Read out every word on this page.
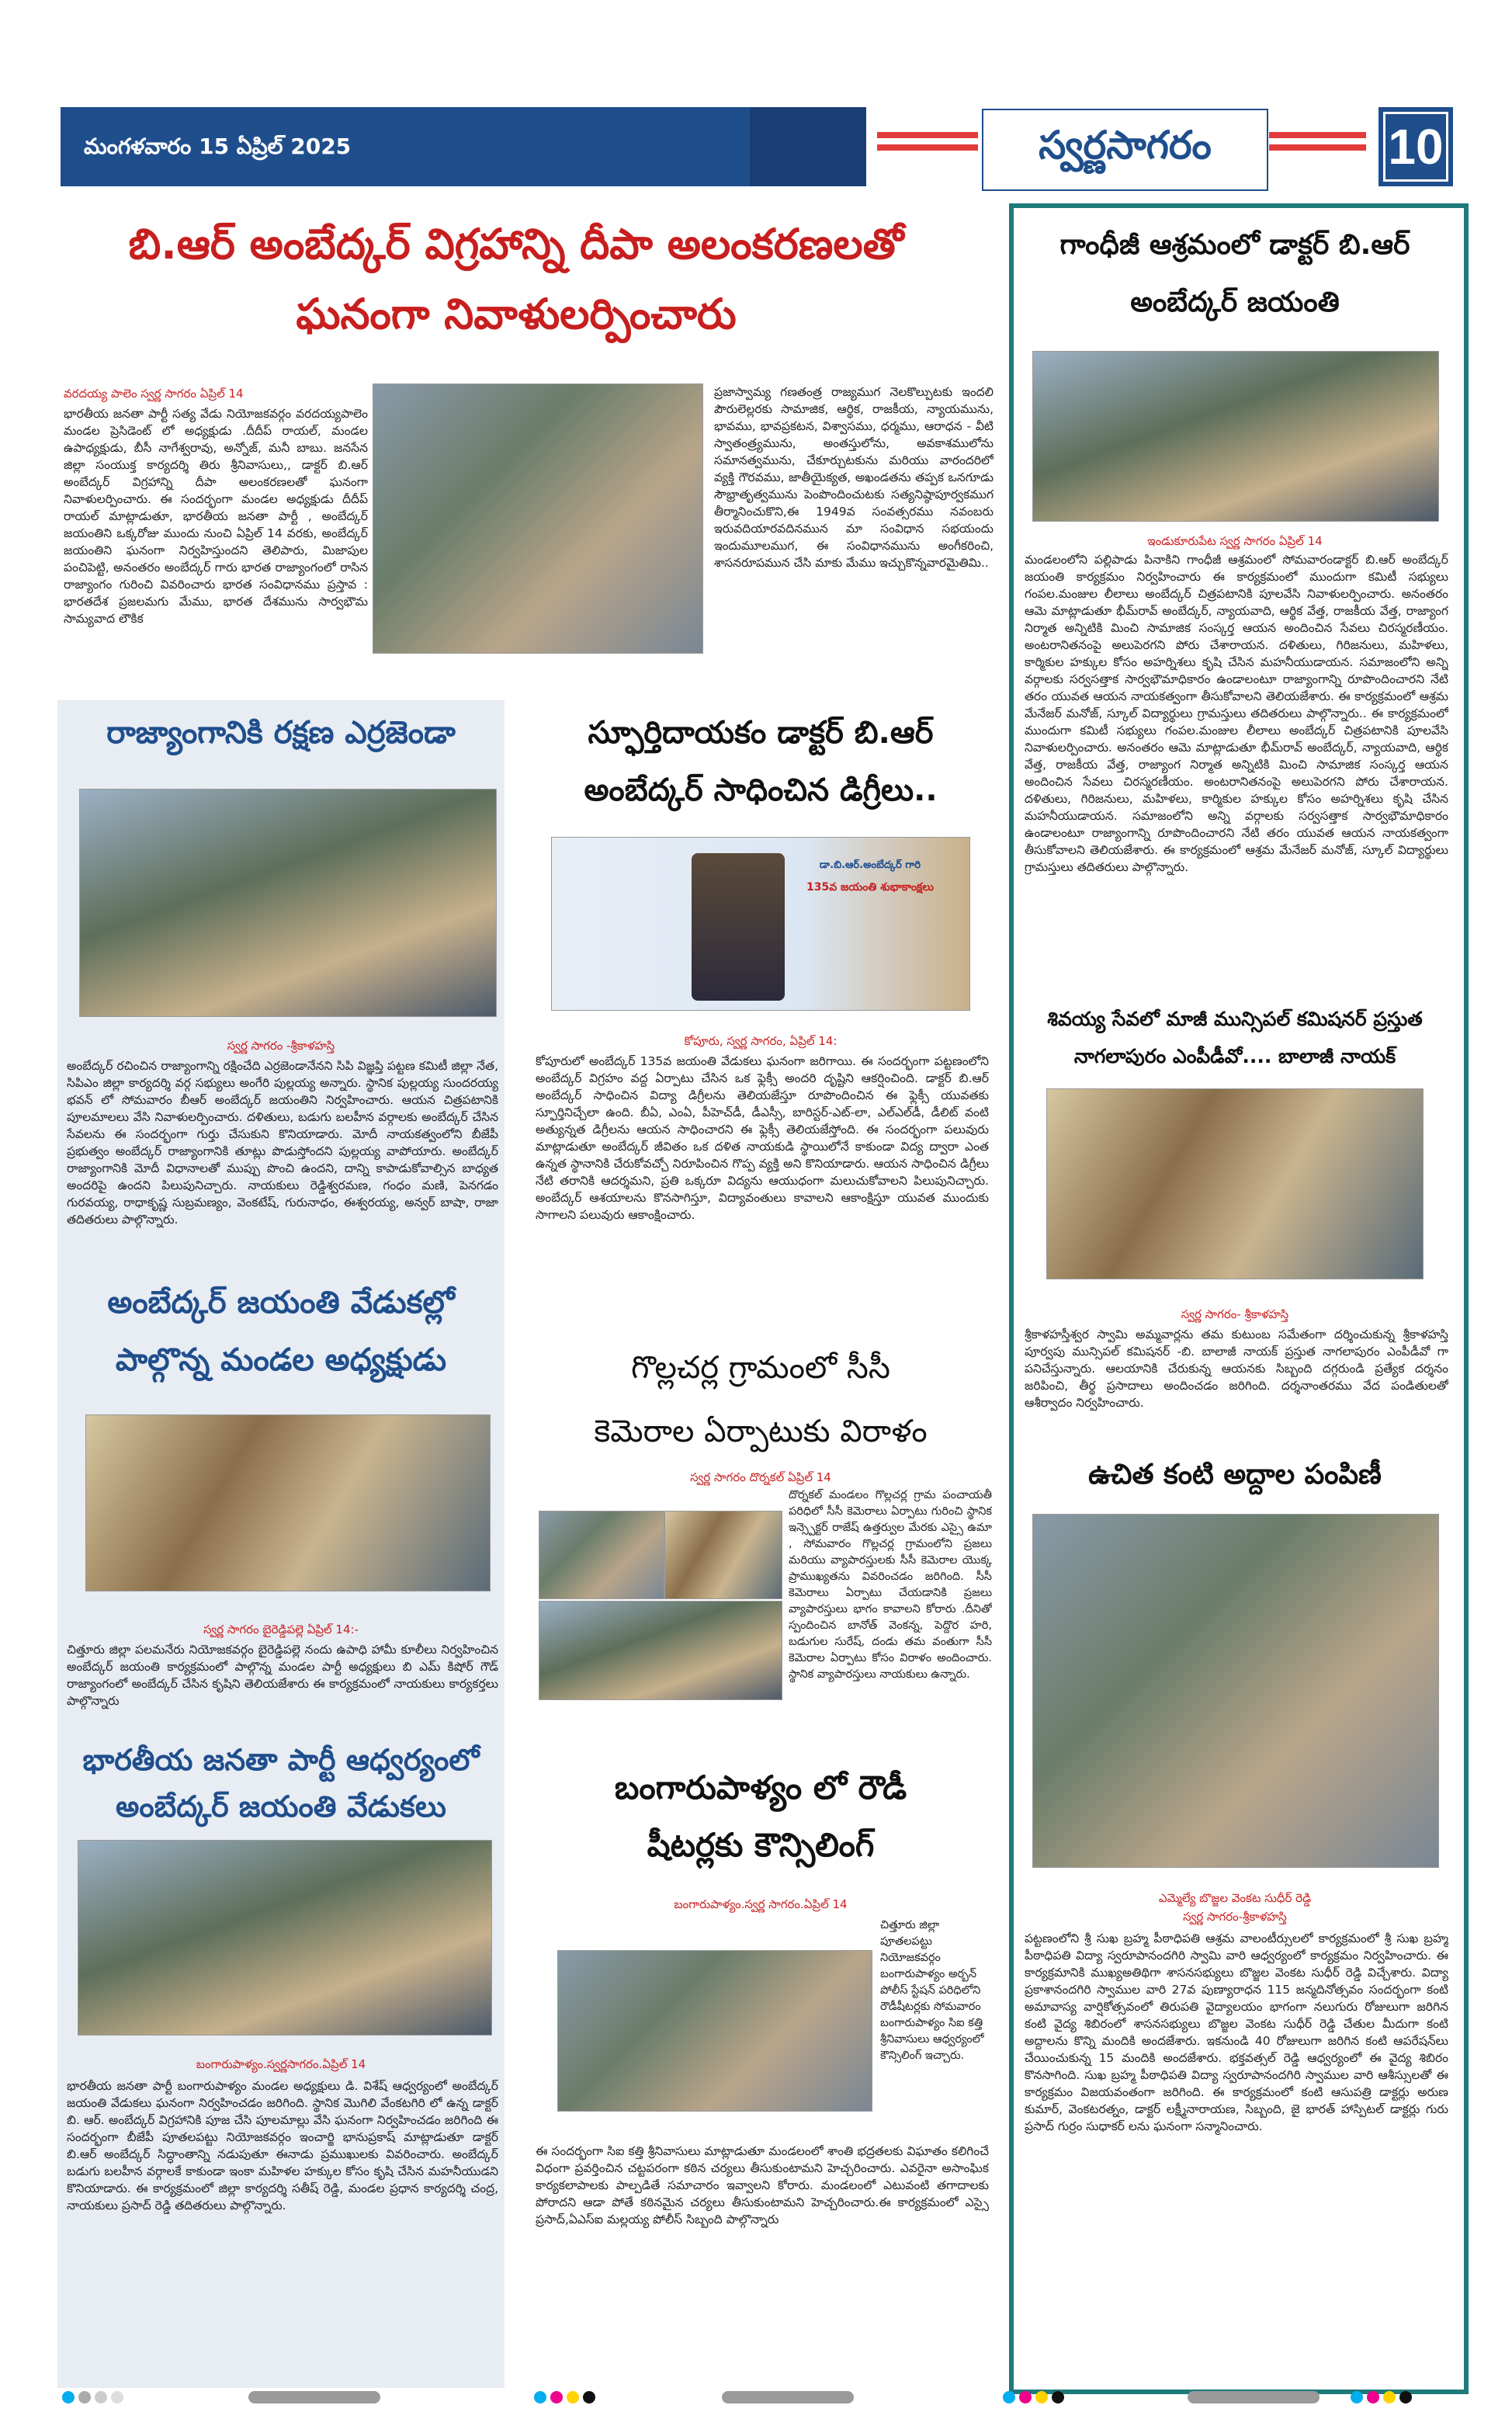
మంగళవారం 15 ఏప్రిల్ 2025	స్వర్ణసాగరం	10
బి.ఆర్ అంబేద్కర్ విగ్రహాన్ని దీపా అలంకరణలతో
ఘనంగా నివాళులర్పించారు
వరదయ్య పాలెం స్వర్ణ సాగరం ఏప్రిల్ 14
భారతీయ జనతా పార్టీ సత్య వేడు నియోజకవర్గం వరదయ్యపాలెం మండల ప్రెసిడెంట్ లో అధ్యక్షుడు .దీదీప్ రాయల్, మండల ఉపాధ్యక్షుడు, బీసీ నాగేశ్వరావు, అన్నోజ్, మనీ బాబు. జనసేన జిల్లా సంయుక్త కార్యదర్శి తిరు శ్రీనివాసులు,, డాక్టర్ బి.ఆర్ అంబేద్కర్ విగ్రహాన్ని దీపా అలంకరణలతో ఘనంగా నివాళులర్పించారు. ఈ సందర్భంగా మండల అధ్యక్షుడు దీదీప్ రాయల్ మాట్లాడుతూ, భారతీయ జనతా పార్టీ , అంబేద్కర్ జయంతిని ఒక్కరోజు ముందు నుంచి ఏప్రిల్ 14 వరకు, అంబేద్కర్ జయంతిని ఘనంగా నిర్వహిస్తుందని తెలిపారు, మిజాపుల పంచిపెట్టి, అనంతరం అంబేద్కర్ గారు భారత రాజ్యాంగంలో రాసిన రాజ్యాంగం గురించి వివరించారు భారత సంవిధానము ప్రస్తావ : భారతదేశ ప్రజలమగు మేము, భారత దేశమును సార్వభౌమ సామ్యవాద లౌకిక
ప్రజాస్వామ్య గణతంత్ర రాజ్యముగ నెలకొల్పుటకు ఇందలి పౌరులెల్లరకు సామాజిక, ఆర్థిక, రాజకీయ, న్యాయమును, భావము, భావప్రకటన, విశ్వాసము, ధర్మము, ఆరాధన - వీటి స్వాతంత్ర్యమును, అంతస్తులోను, అవకాశములోను సమానత్వమును, చేకూర్చుటకును మరియు వారందరిలో వ్యక్తి గౌరవము, జాతీయైక్యత, అఖండతను తప్పక ఒనగూడు సౌభ్రాతృత్వమును పెంపొందించుటకు సత్యనిష్ఠాపూర్వకముగ తీర్మానించుకొని,ఈ 1949వ సంవత్సరము నవంబరు ఇరువదియారవదినమున మా సంవిధాన సభయందు ఇందుమూలముగ, ఈ సంవిధానమును అంగీకరించి, శాసనరూపమున చేసి మాకు మేము ఇచ్చుకొన్నవారమైతిమి..
రాజ్యాంగానికి రక్షణ ఎర్రజెండా
స్వర్ణ సాగరం -శ్రీకాళహస్తి
అంబేద్కర్ రచించిన రాజ్యాంగాన్ని రక్షించేది ఎర్రజెండానేనని సిపి విజ్ఞప్తి పట్టణ కమిటీ జిల్లా నేత, సిపిఎం జిల్లా కార్యదర్శి వర్గ సభ్యులు అంగేరి పుల్లయ్య అన్నారు. స్థానిక పుల్లయ్య సుందరయ్య భవన్ లో సోమవారం బీఆర్ అంబేద్కర్ జయంతిని నిర్వహించారు. ఆయన చిత్రపటానికి పూలమాలలు వేసి నివాళులర్పించారు. దళితులు, బడుగు బలహీన వర్గాలకు అంబేద్కర్ చేసిన సేవలను ఈ సందర్భంగా గుర్తు చేసుకుని కొనియాడారు. మోదీ నాయకత్వంలోని బీజేపీ ప్రభుత్వం అంబేద్కర్ రాజ్యాంగానికి తూట్లు పొడుస్తోందని పుల్లయ్య వాపోయారు. అంబేద్కర్ రాజ్యాంగానికి మోదీ విధానాలతో ముప్పు పొంచి ఉందని, దాన్ని కాపాడుకోవాల్సిన బాధ్యత అందరిపై ఉందని పిలుపునిచ్చారు. నాయకులు రెడ్డిశ్వరమణ, గంధం మణి, పెనగడం గురవయ్య, రాధాకృష్ణ సుబ్రమణ్యం, వెంకటేష్, గురునాధం, ఈశ్వరయ్య, అన్వర్ బాషా, రాజా తదితరులు పాల్గొన్నారు.
అంబేద్కర్ జయంతి వేడుకల్లో
పాల్గొన్న మండల అధ్యక్షుడు
స్వర్ణ సాగరం బైరెడ్డిపల్లె ఏప్రిల్ 14:-
చిత్తూరు జిల్లా పలమనేరు నియోజకవర్గం బైరెడ్డిపల్లె నందు ఉపాధి హామీ కూలీలు నిర్వహించిన అంబేద్కర్ జయంతి కార్యక్రమంలో పాల్గొన్న మండల పార్టీ అధ్యక్షులు బి ఎమ్ కిషోర్ గౌడ్ రాజ్యాంగంలో అంబేద్కర్ చేసిన కృషిని తెలియజేశారు ఈ కార్యక్రమంలో నాయకులు కార్యకర్తలు పాల్గొన్నారు
భారతీయ జనతా పార్టీ ఆధ్వర్యంలో
అంబేద్కర్ జయంతి వేడుకలు
బంగారుపాళ్యం.స్వర్ణసాగరం.ఏప్రిల్ 14
భారతీయ జనతా పార్టీ బంగారుపాళ్యం మండల అధ్యక్షులు డి. విశేష్ ఆధ్వర్యంలో అంబేద్కర్ జయంతి వేడుకలు ఘనంగా నిర్వహించడం జరిగింది. స్థానిక మొగిలి వేంకటగిరి లో ఉన్న డాక్టర్ బి. ఆర్. అంబేద్కర్ విగ్రహానికి పూజ చేసి పూలమాల్లు వేసి ఘనంగా నిర్వహించడం జరిగింది ఈ సందర్భంగా బీజేపీ పూతలపట్టు నియోజకవర్గం ఇంచార్జి భానుప్రకాష్ మాట్లాడుతూ డాక్టర్ బి.ఆర్ అంబేద్కర్ సిద్ధాంతాన్ని నడుపుతూ ఈనాడు ప్రముఖులకు వివరించారు. అంబేద్కర్ బడుగు బలహీన వర్గాలకే కాకుండా ఇంకా మహిళల హక్కుల కోసం కృషి చేసిన మహనీయుడని కొనియాడారు. ఈ కార్యక్రమంలో జిల్లా కార్యదర్శి సతీష్ రెడ్డి, మండల ప్రధాన కార్యదర్శి చంద్ర, నాయకులు ప్రసాద్ రెడ్డి తదితరులు పాల్గొన్నారు.
స్ఫూర్తిదాయకం డాక్టర్ బి.ఆర్
అంబేద్కర్ సాధించిన డిగ్రీలు..
డా.బి.ఆర్.అంబేద్కర్ గారి
135వ జయంతి శుభాకాంక్షలు
కోపూరు, స్వర్ణ సాగరం, ఏప్రిల్ 14:
కోపూరులో అంబేద్కర్ 135వ జయంతి వేడుకలు ఘనంగా జరిగాయి. ఈ సందర్భంగా పట్టణంలోని అంబేద్కర్ విగ్రహం వద్ద ఏర్పాటు చేసిన ఒక ఫ్లెక్సీ అందరి దృష్టిని ఆకర్షించింది. డాక్టర్ బి.ఆర్ అంబేద్కర్ సాధించిన విద్యా డిగ్రీలను తెలియజేస్తూ రూపొందించిన ఈ ఫ్లెక్సీ యువతకు స్ఫూర్తినిచ్చేలా ఉంది. బీఏ, ఎంఏ, పీహెచ్‌డీ, డీఎస్సీ, బారిస్టర్-ఎట్-లా, ఎల్ఎల్‌డీ, డీలిట్ వంటి అత్యున్నత డిగ్రీలను ఆయన సాధించారని ఈ ఫ్లెక్సీ తెలియజేస్తోంది. ఈ సందర్భంగా పలువురు మాట్లాడుతూ అంబేద్కర్ జీవితం ఒక దళిత నాయకుడి స్థాయిలోనే కాకుండా విద్య ద్వారా ఎంత ఉన్నత స్థానానికి చేరుకోవచ్చో నిరూపించిన గొప్ప వ్యక్తి అని కొనియాడారు. ఆయన సాధించిన డిగ్రీలు నేటి తరానికి ఆదర్శమని, ప్రతి ఒక్కరూ విద్యను ఆయుధంగా మలుచుకోవాలని పిలుపునిచ్చారు. అంబేద్కర్ ఆశయాలను కొనసాగిస్తూ, విద్యావంతులు కావాలని ఆకాంక్షిస్తూ యువత ముందుకు సాగాలని పలువురు ఆకాంక్షించారు.
గొల్లచర్ల గ్రామంలో సీసీ
కెమెరాల ఏర్పాటుకు విరాళం
స్వర్ణ సాగరం దొర్నకల్ ఏప్రిల్ 14
దొర్నకల్ మండలం గొల్లచర్ల గ్రామ పంచాయతీ పరిధిలో సీసీ కెమెరాలు ఏర్పాటు గురించి స్థానిక ఇన్స్పెక్టర్ రాజేష్ ఉత్తర్వుల మేరకు ఎస్సై ఉమా , సోమవారం గొల్లచర్ల గ్రామంలోని ప్రజలు మరియు వ్యాపారస్తులకు సీసీ కెమెరాల యొక్క ప్రాముఖ్యతను వివరించడం జరిగింది. సీసీ కెమెరాలు ఏర్పాటు చేయడానికి ప్రజలు వ్యాపారస్తులు భాగం కావాలని కోరారు .దీనితో స్పందించిన బానోత్ వెంకన్న, పెద్దొర హరి, బడుగుల సురేష్, దండు తమ వంతుగా సీసీ కెమెరాల ఏర్పాటు కోసం విరాళం అందించారు. స్థానిక వ్యాపారస్తులు నాయకులు ఉన్నారు.
బంగారుపాళ్యం లో రౌడీ
షీటర్లకు కౌన్సిలింగ్
బంగారుపాళ్యం.స్వర్ణ సాగరం.ఏప్రిల్ 14
చిత్తూరు జిల్లా పూతలపట్టు నియోజకవర్గం బంగారుపాళ్యం అర్బన్ పోలీస్ స్టేషన్ పరిధిలోని రౌడీషీటర్లకు సోమవారం బంగారుపాళ్యం సిఐ కత్తి శ్రీనివాసులు ఆధ్వర్యంలో కౌన్సిలింగ్ ఇచ్చారు.
ఈ సందర్భంగా సిఐ కత్తి శ్రీనివాసులు మాట్లాడుతూ మండలంలో శాంతి భద్రతలకు విఘాతం కలిగించే విధంగా ప్రవర్తించిన చట్టపరంగా కఠిన చర్యలు తీసుకుంటామని హెచ్చరించారు. ఎవరైనా అసాంఘిక కార్యకలాపాలకు పాల్పడితే సమాచారం ఇవ్వాలని కోరారు. మండలంలో ఎటువంటి తగాదాలకు పోరాదని ఆడా పోతే కఠినమైన చర్యలు తీసుకుంటామని హెచ్చరించారు.ఈ కార్యక్రమంలో ఎస్సై ప్రసాద్,ఏఎస్ఐ మల్లయ్య పోలీస్ సిబ్బంది పాల్గొన్నారు
గాంధీజీ ఆశ్రమంలో డాక్టర్ బి.ఆర్
అంబేద్కర్ జయంతి
ఇండుకూరుపేట స్వర్ణ సాగరం ఏప్రిల్ 14
మండలంలోని పల్లిపాడు పినాకిని గాంధీజీ ఆశ్రమంలో సోమవారండాక్టర్ బి.ఆర్ అంబేద్కర్ జయంతి కార్యక్రమం నిర్వహించారు ఈ కార్యక్రమంలో ముందుగా కమిటీ సభ్యులు గంపల.మంజుల లీలాలు అంబేద్కర్ చిత్రపటానికి పూలవేసి నివాళులర్పించారు. అనంతరం ఆమె మాట్లాడుతూ భీమ్‌రావ్ అంబేద్కర్, న్యాయవాది, ఆర్థిక వేత్త, రాజకీయ వేత్త, రాజ్యాంగ నిర్మాత అన్నిటికి మించి సామాజిక సంస్కర్త ఆయన అందించిన సేవలు చిరస్మరణీయం. అంటరానితనంపై అలుపెరగని పోరు చేశారాయన. దళితులు, గిరిజనులు, మహిళలు, కార్మికుల హక్కుల కోసం అహర్నిశలు కృషి చేసిన మహనీయుడాయన. సమాజంలోని అన్ని వర్గాలకు సర్వసత్తాక సార్వభౌమాధికారం ఉండాలంటూ రాజ్యాంగాన్ని రూపొందించారని నేటి తరం యువత ఆయన నాయకత్వంగా తీసుకోవాలని తెలియజేశారు. ఈ కార్యక్రమంలో ఆశ్రమ మేనేజర్ మనోజ్, స్కూల్ విద్యార్థులు గ్రామస్తులు తదితరులు పాల్గొన్నారు.. ఈ కార్యక్రమంలో ముందుగా కమిటీ సభ్యులు గంపల.మంజుల లీలాలు అంబేద్కర్ చిత్రపటానికి పూలవేసి నివాళులర్పించారు. అనంతరం ఆమె మాట్లాడుతూ భీమ్‌రావ్ అంబేద్కర్, న్యాయవాది, ఆర్థిక వేత్త, రాజకీయ వేత్త, రాజ్యాంగ నిర్మాత అన్నిటికి మించి సామాజిక సంస్కర్త ఆయన అందించిన సేవలు చిరస్మరణీయం. అంటరానితనంపై అలుపెరగని పోరు చేశారాయన. దళితులు, గిరిజనులు, మహిళలు, కార్మికుల హక్కుల కోసం అహర్నిశలు కృషి చేసిన మహనీయుడాయన. సమాజంలోని అన్ని వర్గాలకు సర్వసత్తాక సార్వభౌమాధికారం ఉండాలంటూ రాజ్యాంగాన్ని రూపొందించారని నేటి తరం యువత ఆయన నాయకత్వంగా తీసుకోవాలని తెలియజేశారు. ఈ కార్యక్రమంలో ఆశ్రమ మేనేజర్ మనోజ్, స్కూల్ విద్యార్థులు గ్రామస్తులు తదితరులు పాల్గొన్నారు.
శివయ్య సేవలో మాజీ మున్సిపల్ కమిషనర్ ప్రస్తుత
నాగలాపురం ఎంపీడీవో.... బాలాజీ నాయక్
స్వర్ణ సాగరం- శ్రీకాళహస్తి
శ్రీకాళహస్తీశ్వర స్వామి అమ్మవార్లను తమ కుటుంబ సమేతంగా దర్శించుకున్న శ్రీకాళహస్తి పూర్వపు మున్సిపల్ కమిషనర్ -బి. బాలాజీ నాయక్ ప్రస్తుత నాగలాపురం ఎంపీడీవో గా పనిచేస్తున్నారు. ఆలయానికి చేరుకున్న ఆయనకు సిబ్బంది దగ్గరుండి ప్రత్యేక దర్శనం జరిపించి, తీర్థ ప్రసాదాలు అందించడం జరిగింది. దర్శనాంతరము వేద పండితులతో ఆశీర్వాదం నిర్వహించారు.
ఉచిత కంటి అద్దాల పంపిణీ
ఎమ్మెల్యే బొజ్జల వెంకట సుధీర్ రెడ్డి
స్వర్ణ సాగరం-శ్రీకాళహస్తి
పట్టణంలోని శ్రీ సుఖ బ్రహ్మ పీఠాధిపతి ఆశ్రమ వాలంటీర్సులలో కార్యక్రమంలో శ్రీ సుఖ బ్రహ్మ పీఠాధిపతి విద్యా స్వరూపానందగిరి స్వామి వారి ఆధ్వర్యంలో కార్యక్రమం నిర్వహించారు. ఈ కార్యక్రమానికి ముఖ్యఅతిథిగా శాసనసభ్యులు బొజ్జల వెంకట సుధీర్ రెడ్డి విచ్చేశారు. విద్యా ప్రకాశానందగిరి స్వాముల వారి 27వ పుణ్యారాధన 115 జన్మదినోత్సవం సందర్భంగా కంటి అమావాస్య వార్షికోత్సవంలో తిరుపతి వైద్యాలయం భాగంగా నలుగురు రోజులుగా జరిగిన కంటి వైద్య శిబిరంలో శాసనసభ్యులు బొజ్జల వెంకట సుధీర్ రెడ్డి చేతుల మీదుగా కంటి అద్దాలను కొన్ని మందికి అందజేశారు. ఇకనుండి 40 రోజులుగా జరిగిన కంటి ఆపరేషన్‌లు చేయించుకున్న 15 మందికి అందజేశారు. భక్తవత్సల్ రెడ్డి ఆధ్వర్యంలో ఈ వైద్య శిబిరం కొనసాగింది. సుఖ బ్రహ్మ పీఠాధిపతి విద్యా స్వరూపానందగిరి స్వాముల వారి ఆశీస్సులతో ఈ కార్యక్రమం విజయవంతంగా జరిగింది. ఈ కార్యక్రమంలో కంటి ఆసుపత్రి డాక్టర్లు అరుణ కుమార్, వెంకటరత్నం, డాక్టర్ లక్ష్మీనారాయణ, సిబ్బంది, జై భారత్ హాస్పిటల్ డాక్టర్లు గురు ప్రసాద్ గుర్రం సుధాకర్ లను ఘనంగా సన్మానించారు.
